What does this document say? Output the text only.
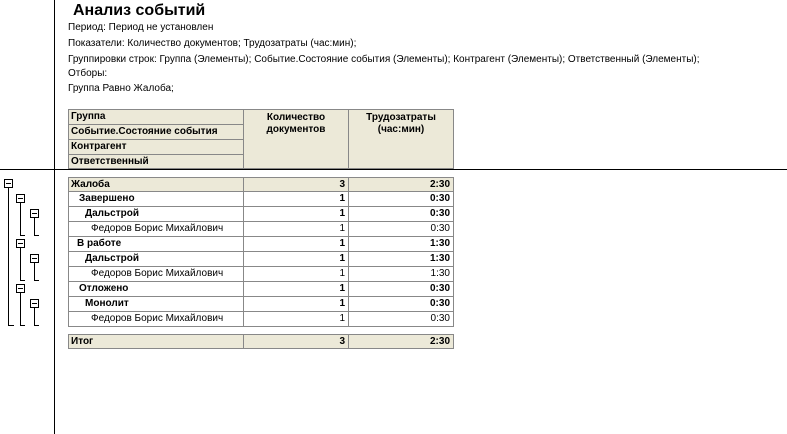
Анализ событий
Период: Период не установлен
Показатели: Количество документов; Трудозатраты (час:мин);
Группировки строк: Группа (Элементы); Событие.Состояние события (Элементы); Контрагент (Элементы); Ответственный (Элементы);
Отборы:
Группа Равно Жалоба;
Группа
Событие.Состояние события
Контрагент
Ответственный
Количество документов
Трудозатраты (час:мин)
Жалоба	3	2:30
Завершено	1	0:30
Дальстрой	1	0:30
Федоров Борис Михайлович	1	0:30
В работе	1	1:30
Дальстрой	1	1:30
Федоров Борис Михайлович	1	1:30
Отложено	1	0:30
Монолит	1	0:30
Федоров Борис Михайлович	1	0:30
Итог	3	2:30
